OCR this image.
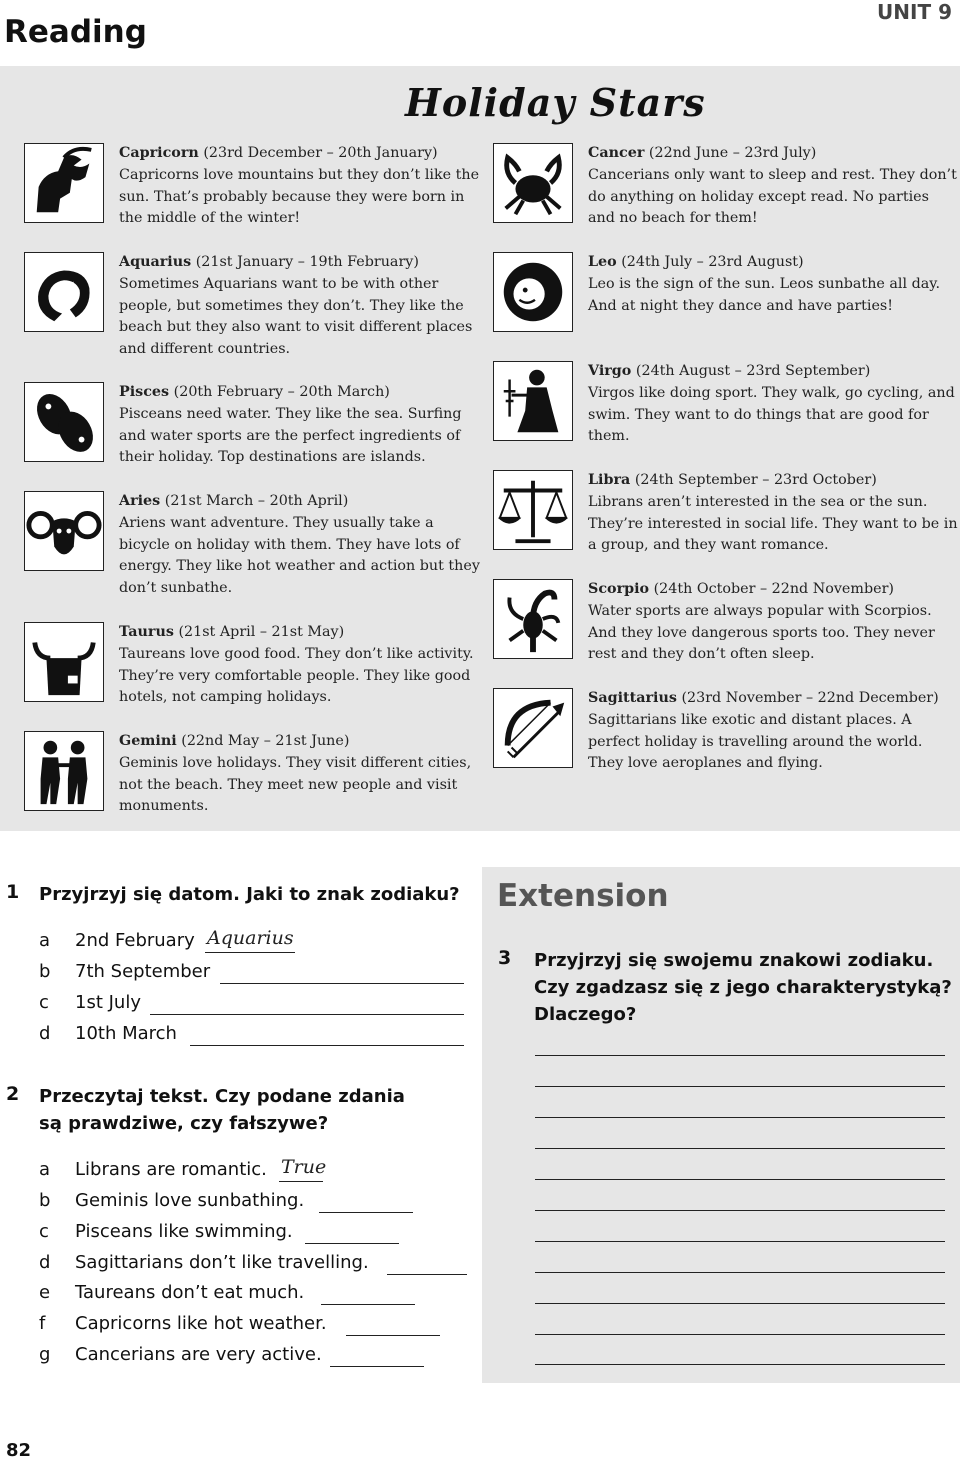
Reading
UNIT 9
Holiday Stars
Capricorn (23rd December – 20th January)
Capricorns love mountains but they don’t like the sun. That’s probably because they were born in the middle of the winter!
Aquarius (21st January – 19th February)
Sometimes Aquarians want to be with other people, but sometimes they don’t. They like the beach but they also want to visit different places and different countries.
Pisces (20th February – 20th March)
Pisceans need water. They like the sea. Surfing and water sports are the perfect ingredients of their holiday. Top destinations are islands.
Aries (21st March – 20th April)
Ariens want adventure. They usually take a bicycle on holiday with them. They have lots of energy. They like hot weather and action but they don’t sunbathe.
Taurus (21st April – 21st May)
Taureans love good food. They don’t like activity. They’re very comfortable people. They like good hotels, not camping holidays.
Gemini (22nd May – 21st June)
Geminis love holidays. They visit different cities, not the beach. They meet new people and visit monuments.
Cancer (22nd June – 23rd July)
Cancerians only want to sleep and rest. They don’t do anything on holiday except read. No parties and no beach for them!
Leo (24th July – 23rd August)
Leo is the sign of the sun. Leos sunbathe all day. And at night they dance and have parties!
Virgo (24th August – 23rd September)
Virgos like doing sport. They walk, go cycling, and swim. They want to do things that are good for them.
Libra (24th September – 23rd October)
Librans aren’t interested in the sea or the sun. They’re interested in social life. They want to be in a group, and they want romance.
Scorpio (24th October – 22nd November)
Water sports are always popular with Scorpios. And they love dangerous sports too. They never rest and they don’t often sleep.
Sagittarius (23rd November – 22nd December)
Sagittarians like exotic and distant places. A perfect holiday is travelling around the world. They love aeroplanes and flying.
1 Przyjrzyj się datom. Jaki to znak zodiaku?
a 2nd February Aquarius
b 7th September
c 1st July
d 10th March
2 Przeczytaj tekst. Czy podane zdania
są prawdziwe, czy fałszywe?
a Librans are romantic. True
b Geminis love sunbathing.
c Pisceans like swimming.
d Sagittarians don’t like travelling.
e Taureans don’t eat much.
f Capricorns like hot weather.
g Cancerians are very active.
Extension
3 Przyjrzyj się swojemu znakowi zodiaku.
Czy zgadzasz się z jego charakterystyką?
Dlaczego?
82
